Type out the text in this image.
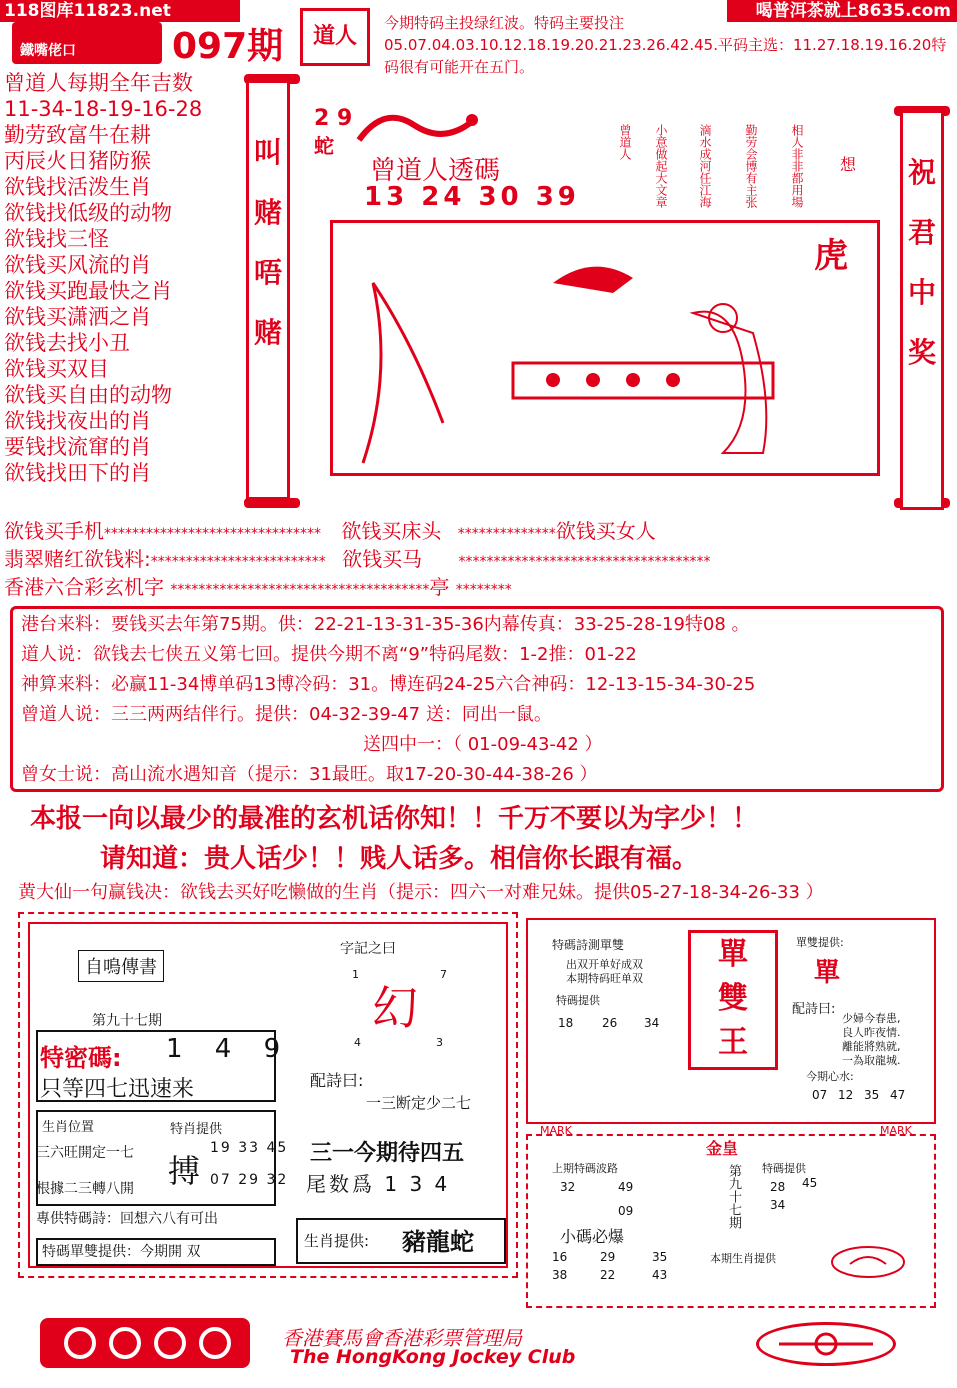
118图库11823.net	喝普洱茶就上8635.com
鐵嘴佬口	097期	道人
今期特码主投绿红波。特码主要投注05.07.04.03.10.12.18.19.20.21.23.26.42.45.平码主选：11.27.18.19.16.20特码很有可能开在五门。
曾道人每期全年吉数
11-34-18-19-16-28
勤劳致富牛在耕
丙辰火日猪防猴
欲钱找活泼生肖
欲钱找低级的动物
欲钱找三怪
欲钱买风流的肖
欲钱买跑最快之肖
欲钱买潇洒之肖
欲钱去找小丑
欲钱买双目
欲钱买自由的动物
欲钱找夜出的肖
要钱找流窜的肖
欲钱找田下的肖
欲钱买手机******************************* 欲钱买床头 **************欲钱买女人
翡翠赌红欲钱料:************************* 欲钱买马	************************************
香港六合彩玄机字 *************************************亭 ********
叫
赌
唔
赌
祝
君
中
奖
2 9
蛇
曾道人透碼
13 24 30 39
曾道人 小意做起大文章	滴水成河任江海	勤劳会博有主张	相人非非都用場 想
虎
港台来料：要钱买去年第75期。供：22-21-13-31-35-36内幕传真：33-25-28-19特08 。
道人说：欲钱去七侠五义第七回。提供今期不离“9”特码尾数：1-2推：01-22
神算来料：必赢11-34博单码13博冷码：31。博连码24-25六合神码：12-13-15-34-30-25
曾道人说：三三两两结伴行。提供：04-32-39-47 送：同出一鼠。
送四中一：（ 01-09-43-42 ）
曾女士说：高山流水遇知音（提示：31最旺。取17-20-30-44-38-26 ）
本报一向以最少的最准的玄机话你知！！千万不要以为字少！！
请知道：贵人话少！！贱人话多。相信你长跟有福。
黄大仙一句赢钱决：欲钱去买好吃懒做的生肖（提示：四六一对难兄妹。提供05-27-18-34-26-33 ）
自鳴傳書
第九十七期
特密碼: 1 4 9
只等四七迅速来
生肖位置
三六旺開定一七
根據二三轉八開
特肖提供
搏
19 33 45
07 29 32
專供特碼詩：回想六八有可出
特碼單雙提供：今期開 双
字記之曰
1	7
4	3
幻
配詩曰:
一三断定少二七
三一今期待四五
尾数爲 1 3 4
生肖提供: 豬龍蛇
特碼詩測單雙
出双开单好成双
本期特码旺单双
特碼提供
18 26 34
單
雙
王
單雙提供:
單
配詩曰:
少婦今春患,
良人昨夜情.
離能將熟就,
一為取龍城.
今期心水:
07 12 35 47
MARK	MARK
金皇
上期特碼波路
32	49
09
45
28
34
第九十七期 特碼提供
小碼必爆
16	29	35
38	22	43
本期生肖提供
香港賽馬會香港彩票管理局
The HongKong Jockey Club
